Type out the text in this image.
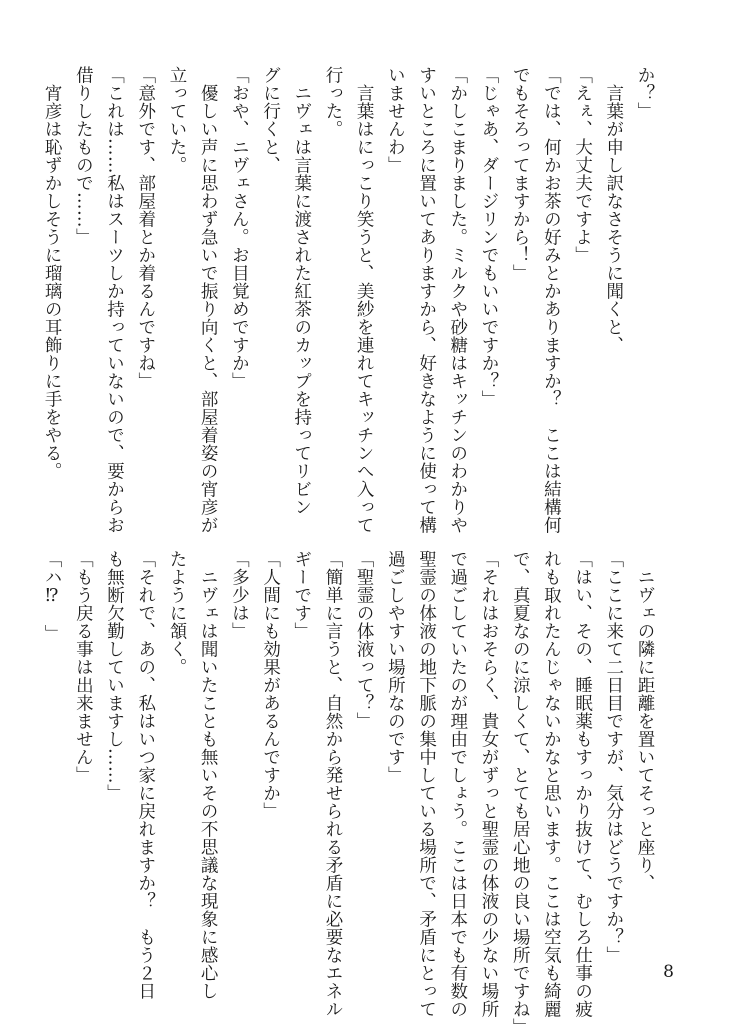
か？」
　言葉が申し訳なさそうに聞くと、
「えぇ、大丈夫ですよ」
「では、何かお茶の好みとかありますか？　ここは結構何
でもそろってますから！」
「じゃあ、ダージリンでもいいですか？」
「かしこまりました。ミルクや砂糖はキッチンのわかりや
すいところに置いてありますから、好きなように使って構
いませんわ」
　言葉はにっこり笑うと、美紗を連れてキッチンへ入って
行った。
　ニヴェは言葉に渡された紅茶のカップを持ってリビン
グに行くと、
「おや、ニヴェさん。お目覚めですか」
　優しい声に思わず急いで振り向くと、部屋着姿の宵彦が
立っていた。
「意外です、部屋着とか着るんですね」
「これは……私はスーツしか持っていないので、要からお
借りしたもので……」
　宵彦は恥ずかしそうに瑠璃の耳飾りに手をやる。
　ニヴェの隣に距離を置いてそっと座り、
「ここに来て二日目ですが、気分はどうですか？」
「はい、その、睡眠薬もすっかり抜けて、むしろ仕事の疲
れも取れたんじゃないかなと思います。ここは空気も綺麗
で、真夏なのに涼しくて、とても居心地の良い場所ですね」
「それはおそらく、貴女がずっと聖霊の体液の少ない場所
で過ごしていたのが理由でしょう。ここは日本でも有数の
聖霊の体液の地下脈の集中している場所で、矛盾にとって
過ごしやすい場所なのです」
「聖霊の体液って？」
「簡単に言うと、自然から発せられる矛盾に必要なエネル
ギーです」
「人間にも効果があるんですか」
「多少は」
　ニヴェは聞いたことも無いその不思議な現象に感心し
たように頷く。
「それで、あの、私はいつ家に戻れますか？　もう２日
も無断欠勤していますし……」
「もう戻る事は出来ません」
「ハ⁉　」
8
